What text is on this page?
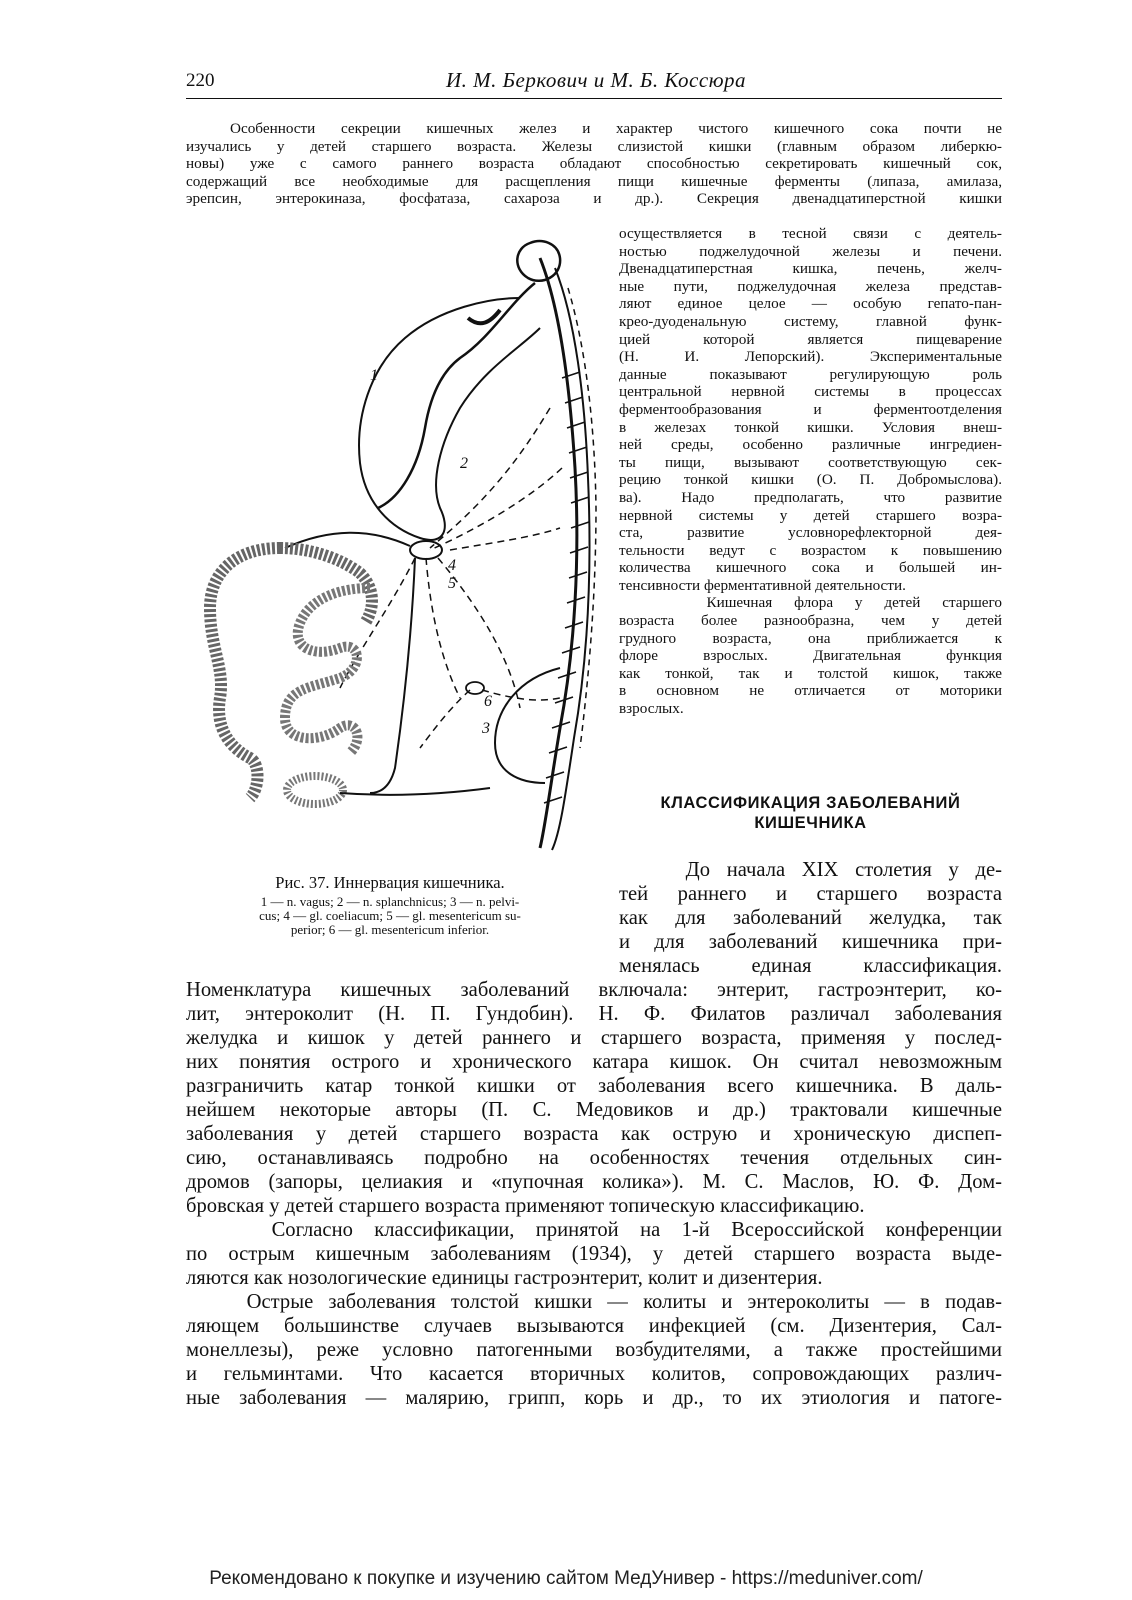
220	И. М. Беркович и М. Б. Коссюра
Особенности секреции кишечных желез и характер чистого кишечного сока почти не
изучались у детей старшего возраста. Железы слизистой кишки (главным образом либеркю-
новы) уже с самого раннего возраста обладают способностью секретировать кишечный сок,
содержащий все необходимые для расщепления пищи кишечные ферменты (липаза, амилаза,
эрепсин, энтерокиназа, фосфатаза, сахароза и др.). Секреция двенадцатиперстной кишки
осуществляется в тесной связи с деятель-
ностью поджелудочной железы и печени.
Двенадцатиперстная кишка, печень, желч-
ные пути, поджелудочная железа представ-
ляют единое целое — особую гепато-пан-
крео-дуоденальную систему, главной функ-
цией которой является пищеварение
(Н. И. Лепорский). Экспериментальные
данные показывают регулирующую роль
центральной нервной системы в процессах
ферментообразования и ферментоотделения
в железах тонкой кишки. Условия внеш-
ней среды, особенно различные ингредиен-
ты пищи, вызывают соответствующую сек-
рецию тонкой кишки (О. П. Добромыслова).
ва). Надо предполагать, что развитие
нервной системы у детей старшего возра-
ста, развитие условнорефлекторной дея-
тельности ведут с возрастом к повышению
количества кишечного сока и большей ин-
тенсивности ферментативной деятельности.
Кишечная флора у детей старшего
возраста более разнообразна, чем у детей
грудного возраста, она приближается к
флоре взрослых. Двигательная функция
как тонкой, так и толстой кишок, также
в основном не отличается от моторики
взрослых.
КЛАССИФИКАЦИЯ ЗАБОЛЕВАНИЙ
КИШЕЧНИКА
До начала XIX столетия у де-
тей раннего и старшего возраста
как для заболеваний желудка, так
и для заболеваний кишечника при-
менялась единая классификация.
Номенклатура кишечных заболеваний включала: энтерит, гастроэнтерит, ко-
лит, энтероколит (Н. П. Гундобин). Н. Ф. Филатов различал заболевания
желудка и кишок у детей раннего и старшего возраста, применяя у послед-
них понятия острого и хронического катара кишок. Он считал невозможным
разграничить катар тонкой кишки от заболевания всего кишечника. В даль-
нейшем некоторые авторы (П. С. Медовиков и др.) трактовали кишечные
заболевания у детей старшего возраста как острую и хроническую диспеп-
сию, останавливаясь подробно на особенностях течения отдельных син-
дромов (запоры, целиакия и «пупочная колика»). М. С. Маслов, Ю. Ф. Дом-
бровская у детей старшего возраста применяют топическую классификацию.
Согласно классификации, принятой на 1-й Всероссийской конференции
по острым кишечным заболеваниям (1934), у детей старшего возраста выде-
ляются как нозологические единицы гастроэнтерит, колит и дизентерия.
Острые заболевания толстой кишки — колиты и энтероколиты — в подав-
ляющем большинстве случаев вызываются инфекцией (см. Дизентерия, Сал-
монеллезы), реже условно патогенными возбудителями, а также простейшими
и гельминтами. Что касается вторичных колитов, сопровождающих различ-
ные заболевания — малярию, грипп, корь и др., то их этиология и патоге-
1
2
3
4
5
6
Рис. 37. Иннервация кишечника.
1 — n. vagus; 2 — n. splanchnicus; 3 — n. pelvi-
cus; 4 — gl. coeliacum; 5 — gl. mesentericum su-
perior; 6 — gl. mesentericum inferior.
Рекомендовано к покупке и изучению сайтом МедУнивер - https://meduniver.com/
